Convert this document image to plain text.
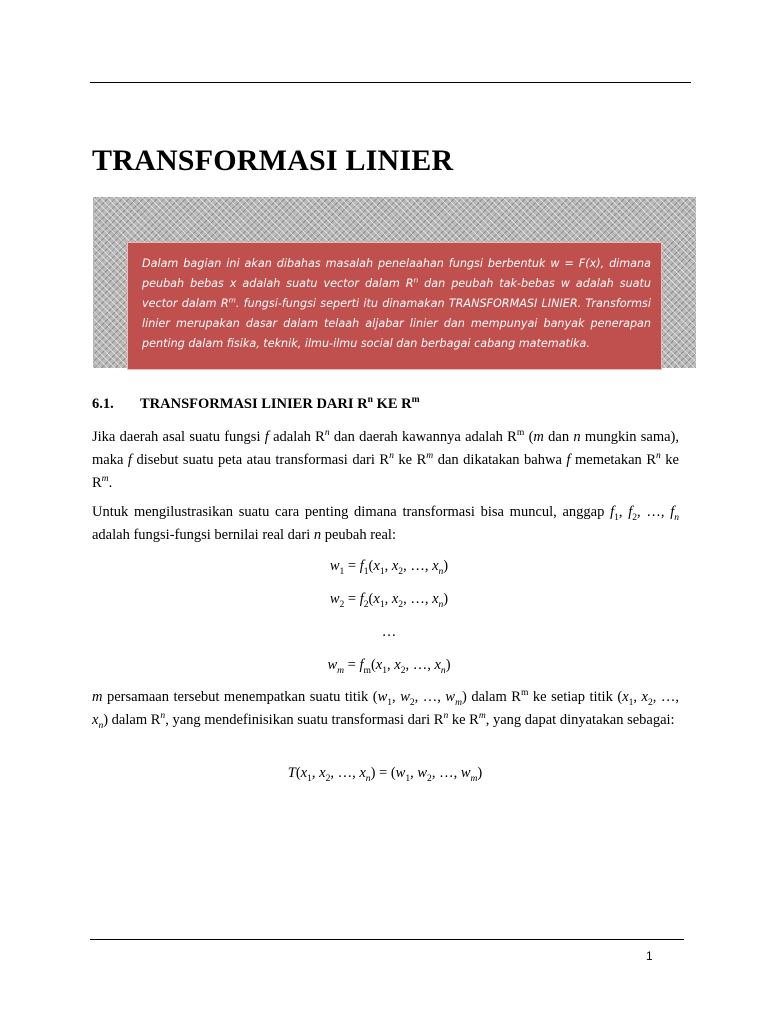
TRANSFORMASI LINIER

Dalam bagian ini akan dibahas masalah penelaahan fungsi berbentuk w = F(x), dimana peubah bebas x adalah suatu vector dalam $R^n$ dan peubah tak-bebas w adalah suatu vector dalam $R^m$. fungsi-fungsi seperti itu dinamakan TRANSFORMASI LINIER. Transformsi linier merupakan dasar dalam telaah aljabar linier dan mempunyai banyak penerapan penting dalam fisika, teknik, ilmu-ilmu social dan berbagai cabang matematika.

6.1. TRANSFORMASI LINIER DARI $R^n$ KE $R^m$

Jika daerah asal suatu fungsi f adalah $R^n$ dan daerah kawannya adalah $R^m$ (m dan n mungkin sama), maka f disebut suatu peta atau transformasi dari $R^n$ ke $R^m$ dan dikatakan bahwa f memetakan $R^n$ ke $R^m$.

Untuk mengilustrasikan suatu cara penting dimana transformasi bisa muncul, anggap $f_1$, $f_2$, …, $f_n$ adalah fungsi-fungsi bernilai real dari n peubah real:

$w_1 = f_1(x_1$, $x_2$, …, $x_n$)

$w_2 = f_2(x_1$, $x_2$, …, $x_n$)

…

$w_m = f_m(x_1$, $x_2$, …, $x_n$)

m persamaan tersebut menempatkan suatu titik ($w_1$, $w_2$, …, $w_m$) dalam $R^m$ ke setiap titik ($x_1$, $x_2$, …, $x_n$) dalam $R^n$, yang mendefinisikan suatu transformasi dari $R^n$ ke $R^m$, yang dapat dinyatakan sebagai:

$T(x_1$, $x_2$, …, $x_n) = (w_1$, $w_2$, …, $w_m$)

1
